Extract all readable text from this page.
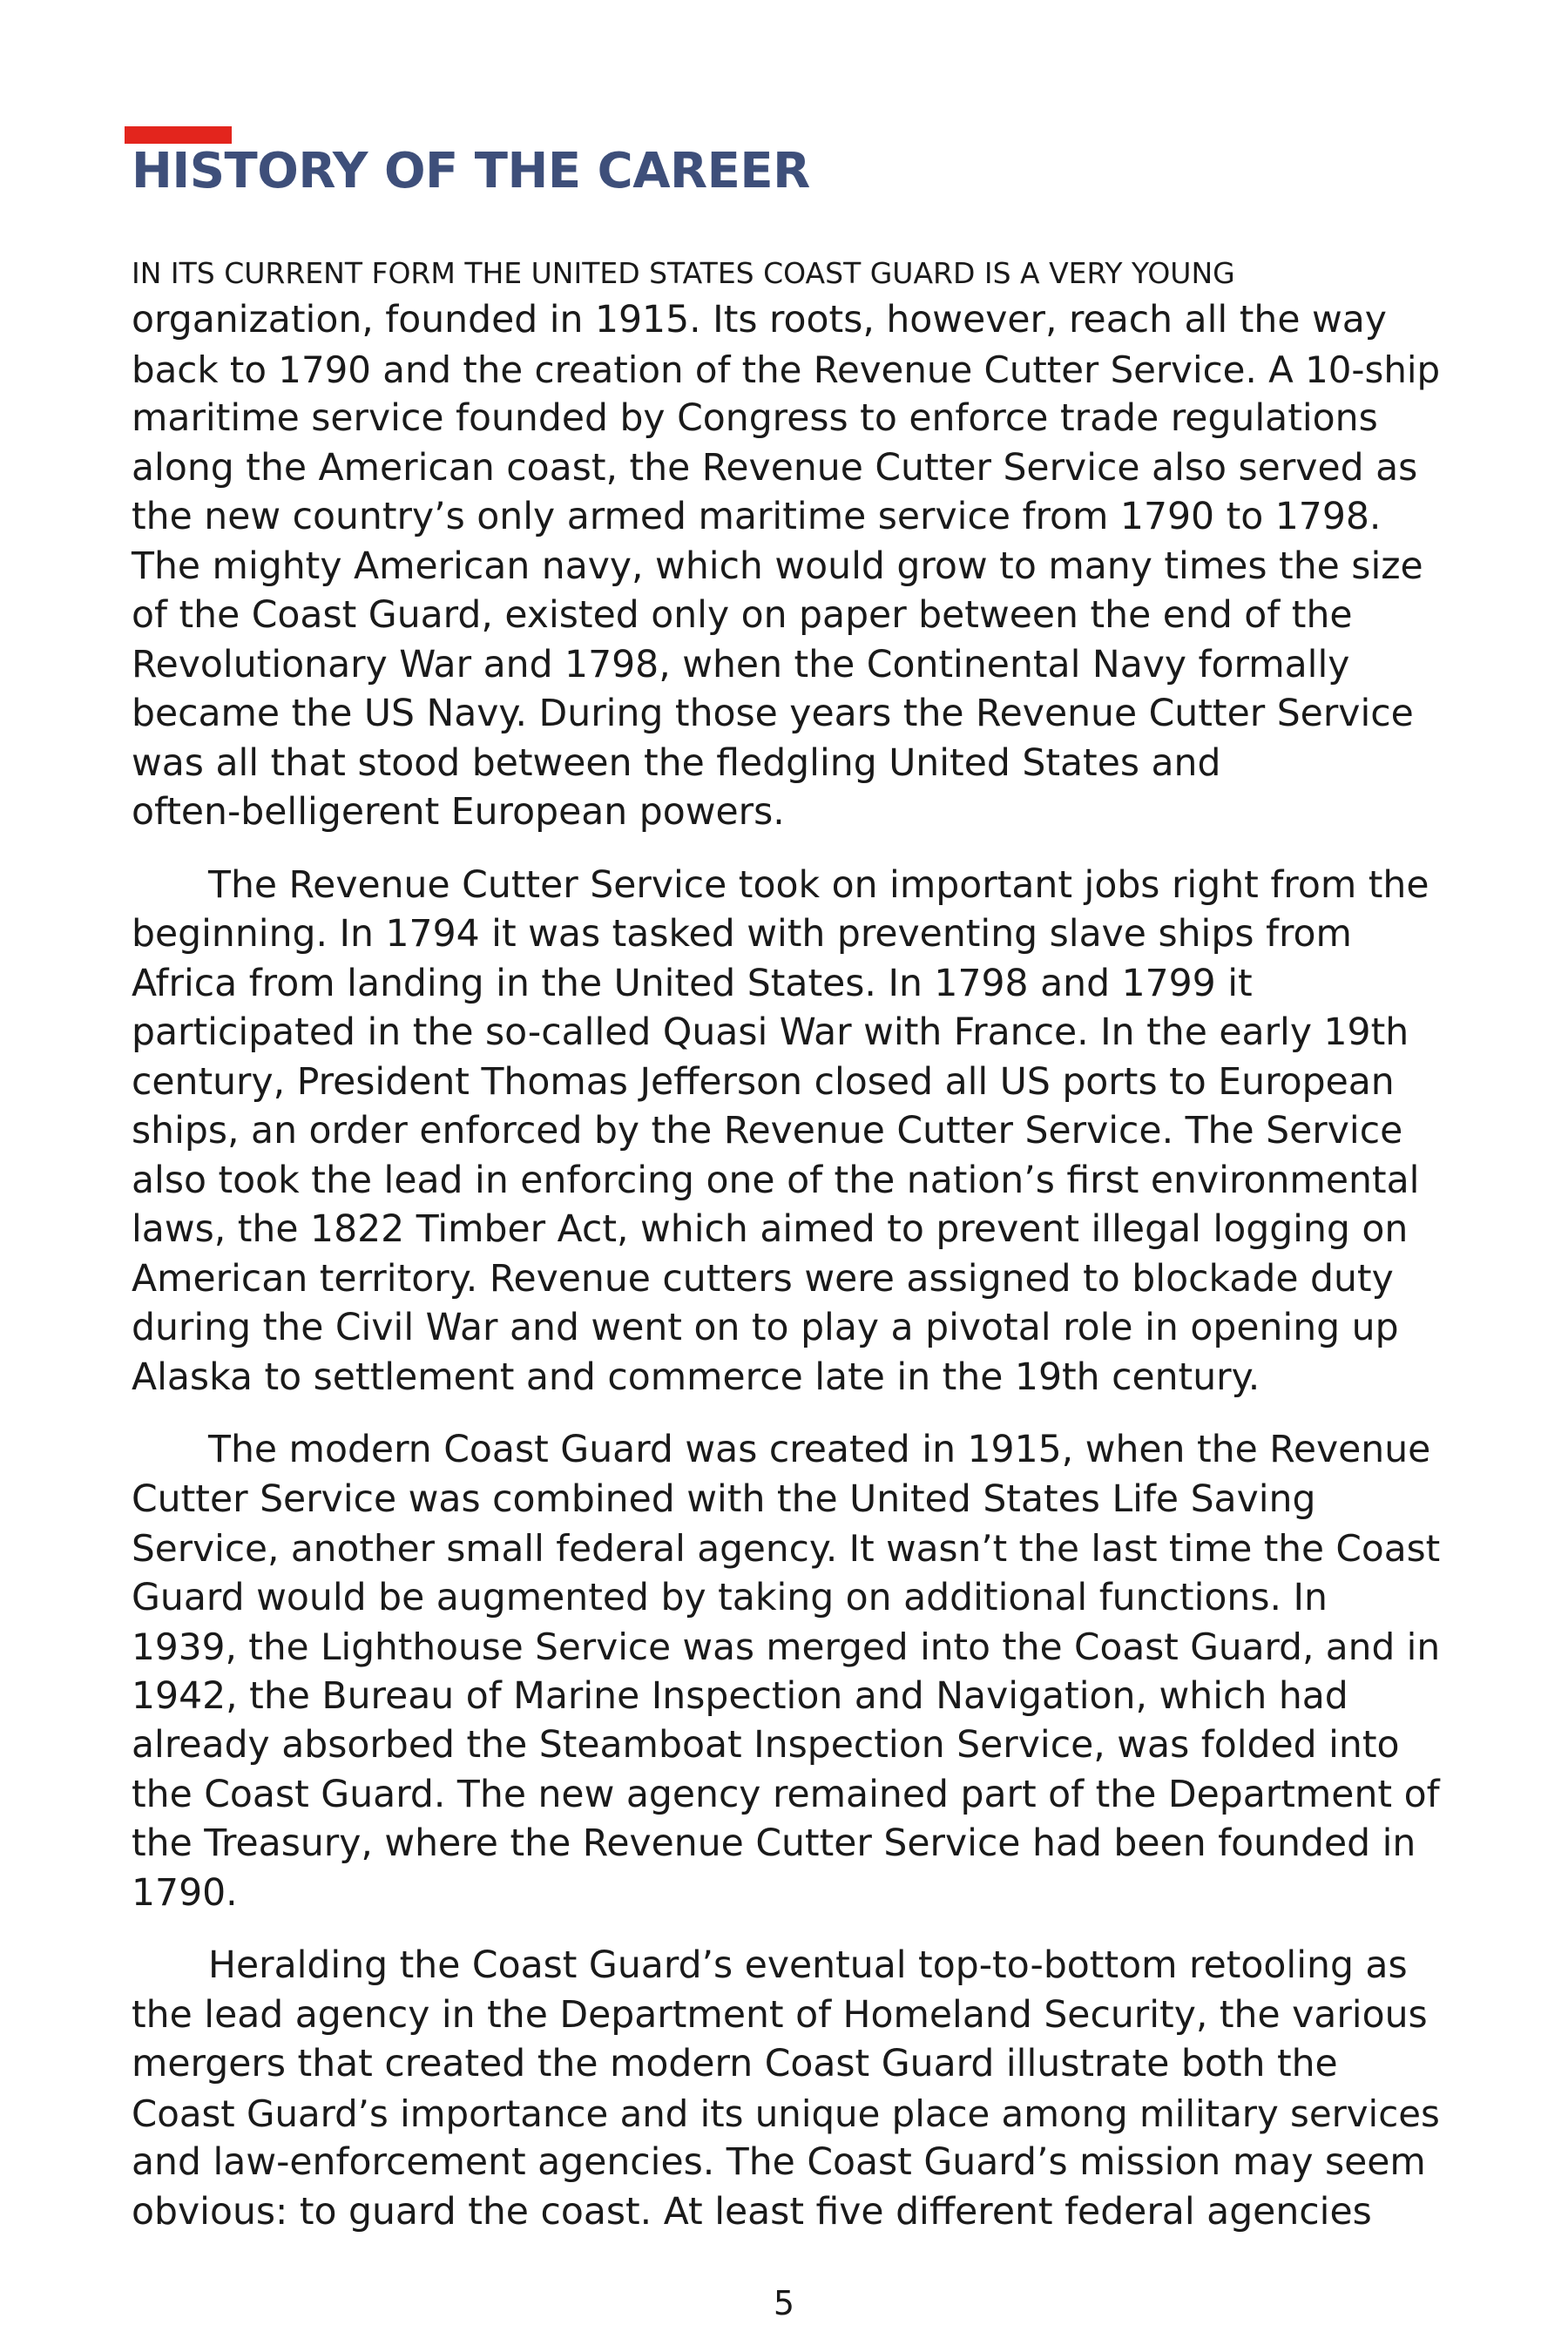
HISTORY OF THE CAREER

IN ITS CURRENT FORM THE UNITED STATES COAST GUARD IS A VERY YOUNG
organization, founded in 1915. Its roots, however, reach all the way
back to 1790 and the creation of the Revenue Cutter Service. A 10-ship
maritime service founded by Congress to enforce trade regulations
along the American coast, the Revenue Cutter Service also served as
the new country’s only armed maritime service from 1790 to 1798.
The mighty American navy, which would grow to many times the size
of the Coast Guard, existed only on paper between the end of the
Revolutionary War and 1798, when the Continental Navy formally
became the US Navy. During those years the Revenue Cutter Service
was all that stood between the fledgling United States and
often-belligerent European powers.

The Revenue Cutter Service took on important jobs right from the
beginning. In 1794 it was tasked with preventing slave ships from
Africa from landing in the United States. In 1798 and 1799 it
participated in the so-called Quasi War with France. In the early 19th
century, President Thomas Jefferson closed all US ports to European
ships, an order enforced by the Revenue Cutter Service. The Service
also took the lead in enforcing one of the nation’s first environmental
laws, the 1822 Timber Act, which aimed to prevent illegal logging on
American territory. Revenue cutters were assigned to blockade duty
during the Civil War and went on to play a pivotal role in opening up
Alaska to settlement and commerce late in the 19th century.

The modern Coast Guard was created in 1915, when the Revenue
Cutter Service was combined with the United States Life Saving
Service, another small federal agency. It wasn’t the last time the Coast
Guard would be augmented by taking on additional functions. In
1939, the Lighthouse Service was merged into the Coast Guard, and in
1942, the Bureau of Marine Inspection and Navigation, which had
already absorbed the Steamboat Inspection Service, was folded into
the Coast Guard. The new agency remained part of the Department of
the Treasury, where the Revenue Cutter Service had been founded in
1790.

Heralding the Coast Guard’s eventual top-to-bottom retooling as
the lead agency in the Department of Homeland Security, the various
mergers that created the modern Coast Guard illustrate both the
Coast Guard’s importance and its unique place among military services
and law-enforcement agencies. The Coast Guard’s mission may seem
obvious: to guard the coast. At least five different federal agencies

5
